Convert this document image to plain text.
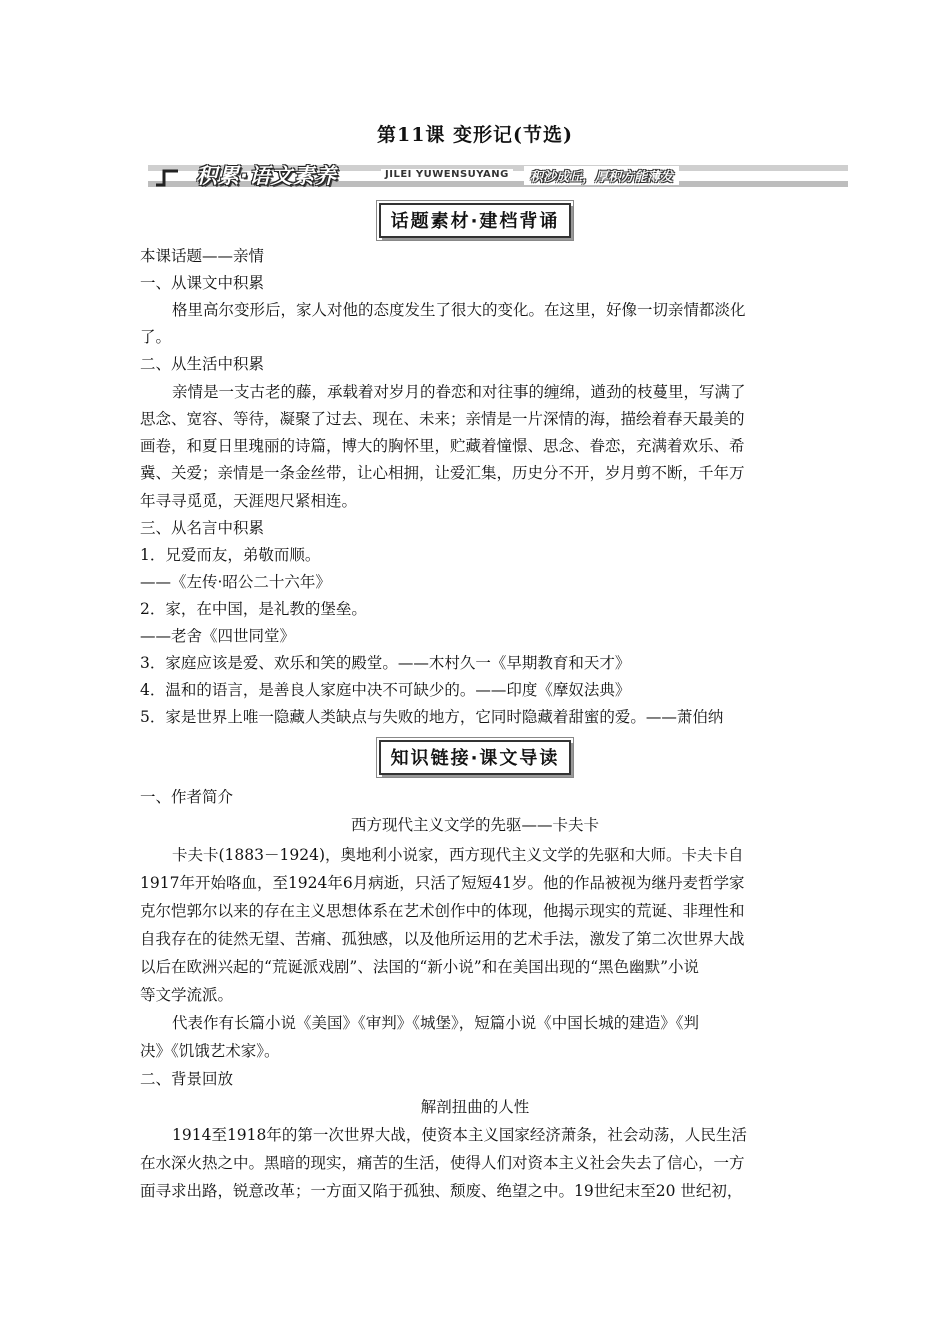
第11课 变形记(节选)
积累·语文素养	JILEI YUWENSUYANG	积沙成丘，厚积方能薄发
话题素材·建档背诵
本课话题——亲情
一、从课文中积累
格里高尔变形后，家人对他的态度发生了很大的变化。在这里，好像一切亲情都淡化
了。
二、从生活中积累
亲情是一支古老的藤，承载着对岁月的眷恋和对往事的缠绵，遒劲的枝蔓里，写满了
思念、宽容、等待，凝聚了过去、现在、未来；亲情是一片深情的海，描绘着春天最美的
画卷，和夏日里瑰丽的诗篇，博大的胸怀里，贮藏着憧憬、思念、眷恋，充满着欢乐、希
冀、关爱；亲情是一条金丝带，让心相拥，让爱汇集，历史分不开，岁月剪不断，千年万
年寻寻觅觅，天涯咫尺紧相连。
三、从名言中积累
1．兄爱而友，弟敬而顺。
——《左传·昭公二十六年》
2．家，在中国，是礼教的堡垒。
——老舍《四世同堂》
3．家庭应该是爱、欢乐和笑的殿堂。——木村久一《早期教育和天才》
4．温和的语言，是善良人家庭中决不可缺少的。——印度《摩奴法典》
5．家是世界上唯一隐藏人类缺点与失败的地方，它同时隐藏着甜蜜的爱。——萧伯纳
知识链接·课文导读
一、作者简介
西方现代主义文学的先驱——卡夫卡
卡夫卡(1883－1924)，奥地利小说家，西方现代主义文学的先驱和大师。卡夫卡自
1917年开始咯血，至1924年6月病逝，只活了短短41岁。他的作品被视为继丹麦哲学家
克尔恺郭尔以来的存在主义思想体系在艺术创作中的体现，他揭示现实的荒诞、非理性和
自我存在的徒然无望、苦痛、孤独感，以及他所运用的艺术手法，激发了第二次世界大战
以后在欧洲兴起的“荒诞派戏剧”、法国的“新小说”和在美国出现的“黑色幽默”小说
等文学流派。
代表作有长篇小说《美国》《审判》《城堡》，短篇小说《中国长城的建造》《判
决》《饥饿艺术家》。
二、背景回放
解剖扭曲的人性
1914至1918年的第一次世界大战，使资本主义国家经济萧条，社会动荡，人民生活
在水深火热之中。黑暗的现实，痛苦的生活，使得人们对资本主义社会失去了信心，一方
面寻求出路，锐意改革；一方面又陷于孤独、颓废、绝望之中。19世纪末至20 世纪初，
